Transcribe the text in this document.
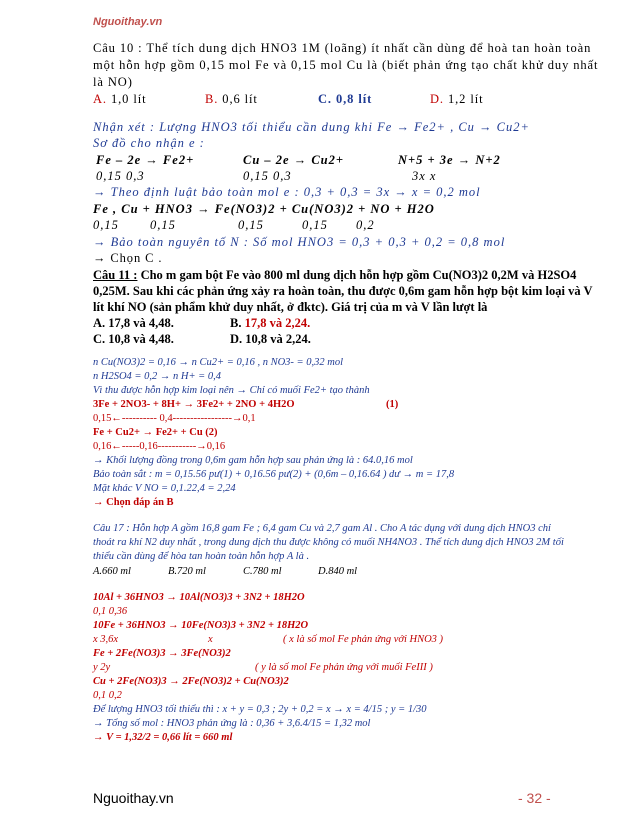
Nguoithay.vn
Câu 10 : Thể tích dung dịch HNO3 1M (loãng) ít nhất cần dùng để hoà tan hoàn toàn
một hỗn hợp gồm 0,15 mol Fe và 0,15 mol Cu là (biết phản ứng tạo chất khử duy nhất
là NO)
A. 1,0 lít	B. 0,6 lít	C. 0,8 lít	D. 1,2 lít
Nhận xét : Lượng HNO3 tối thiểu cần dung khi Fe → Fe2+ , Cu → Cu2+
Sơ đồ cho nhận e :
Fe – 2e → Fe2+	Cu – 2e → Cu2+	N+5 + 3e → N+2
0,15 0,3	0,15 0,3	3x x
→ Theo định luật bảo toàn mol e : 0,3 + 0,3 = 3x → x = 0,2 mol
Fe , Cu + HNO3 → Fe(NO3)2 + Cu(NO3)2 + NO + H2O
0,15 0,15	0,15	0,15 0,2
→ Bảo toàn nguyên tố N : Số mol HNO3 = 0,3 + 0,3 + 0,2 = 0,8 mol
→ Chọn C .
Câu 11 : Cho m gam bột Fe vào 800 ml dung dịch hỗn hợp gồm Cu(NO3)2 0,2M và H2SO4
0,25M. Sau khi các phản ứng xảy ra hoàn toàn, thu được 0,6m gam hỗn hợp bột kim loại và V
lít khí NO (sản phẩm khử duy nhất, ở đktc). Giá trị của m và V lần lượt là
A. 17,8 và 4,48.	B. 17,8 và 2,24.
C. 10,8 và 4,48.	D. 10,8 và 2,24.
n Cu(NO3)2 = 0,16 → n Cu2+ = 0,16 , n NO3- = 0,32 mol
n H2SO4 = 0,2 → n H+ = 0,4
Vì thu được hỗn hợp kim loại nên → Chỉ có muối Fe2+ tạo thành
3Fe + 2NO3- + 8H+ → 3Fe2+ + 2NO + 4H2O	(1)
0,15←---------- 0,4-----------------→0,1
Fe + Cu2+ → Fe2+ + Cu (2)
0,16←-----0,16-----------→0,16
→ Khối lượng đồng trong 0,6m gam hỗn hợp sau phản ứng là : 64.0,16 mol
Bảo toàn sắt : m = 0,15.56 pư(1) + 0,16.56 pư(2) + (0,6m – 0,16.64 ) dư → m = 17,8
Mặt khác V NO = 0,1.22,4 = 2,24
→ Chọn đáp án B
Câu 17 : Hỗn hợp A gồm 16,8 gam Fe ; 6,4 gam Cu và 2,7 gam Al . Cho A tác dụng với dung dịch HNO3 chỉ
thoát ra khí N2 duy nhất , trong dung dịch thu được không có muối NH4NO3 . Thể tích dung dịch HNO3 2M tối
thiểu cần dùng để hòa tan hoàn toàn hỗn hợp A là .
A.660 ml	B.720 ml	C.780 ml	D.840 ml
10Al + 36HNO3 → 10Al(NO3)3 + 3N2 + 18H2O
0,1 0,36
10Fe + 36HNO3 → 10Fe(NO3)3 + 3N2 + 18H2O
x 3,6x	x	( x là số mol Fe phản ứng với HNO3 )
Fe + 2Fe(NO3)3 → 3Fe(NO3)2
y 2y	( y là số mol Fe phản ứng với muối FeIII )
Cu + 2Fe(NO3)3 → 2Fe(NO3)2 + Cu(NO3)2
0,1 0,2
Để lượng HNO3 tối thiểu thì : x + y = 0,3 ; 2y + 0,2 = x → x = 4/15 ; y = 1/30
→ Tổng số mol : HNO3 phản ứng là : 0,36 + 3,6.4/15 = 1,32 mol
→ V = 1,32/2 = 0,66 lít = 660 ml
Nguoithay.vn	- 32 -
